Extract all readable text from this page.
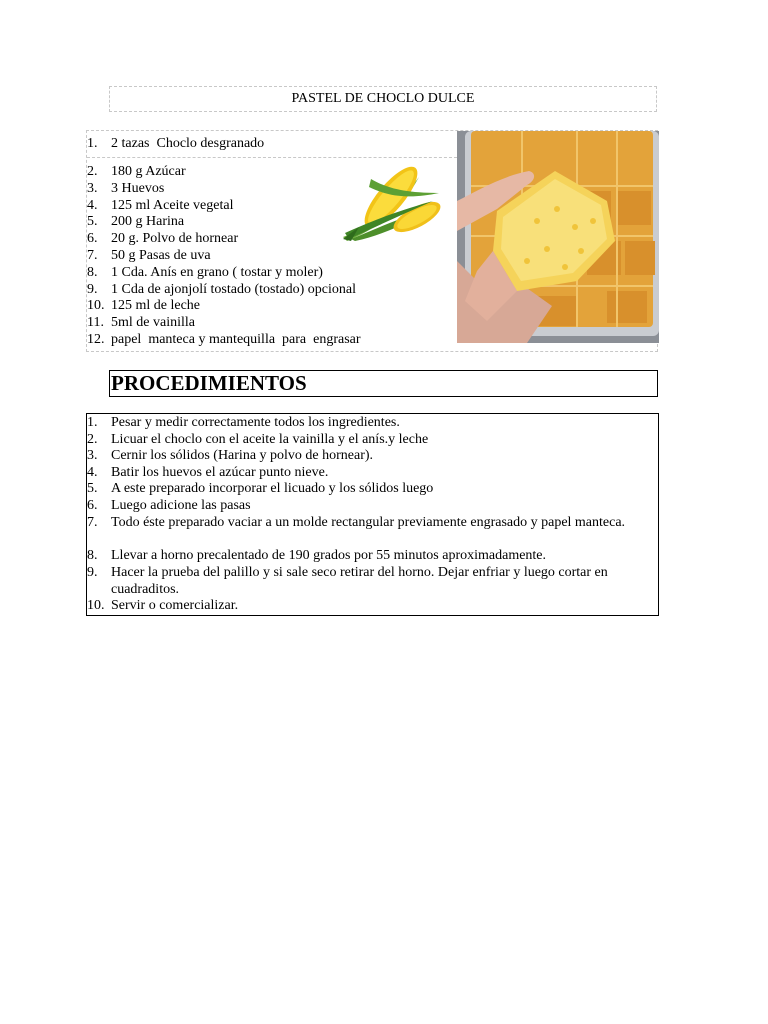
PASTEL DE CHOCLO DULCE
1. 2 tazas  Choclo desgranado
2. 180 g Azúcar
3. 3 Huevos
4. 125 ml Aceite vegetal
5. 200 g Harina
6. 20 g. Polvo de hornear
7. 50 g Pasas de uva
8. 1 Cda. Anís en grano ( tostar y moler)
9. 1 Cda de ajonjolí tostado (tostado) opcional
10. 125 ml de leche
11. 5ml de vainilla
12. papel  manteca y mantequilla  para  engrasar
PROCEDIMIENTOS
1. Pesar y medir correctamente todos los ingredientes.
2. Licuar el choclo con el aceite la vainilla y el anís.y leche
3. Cernir los sólidos (Harina y polvo de hornear).
4. Batir los huevos el azúcar punto nieve.
5. A este preparado incorporar el licuado y los sólidos luego
6. Luego adicione las pasas
7. Todo éste preparado vaciar a un molde rectangular previamente engrasado y papel manteca.
8. Llevar a horno precalentado de 190 grados por 55 minutos aproximadamente.
9. Hacer la prueba del palillo y si sale seco retirar del horno. Dejar enfriar y luego cortar en cuadraditos.
10. Servir o comercializar.
